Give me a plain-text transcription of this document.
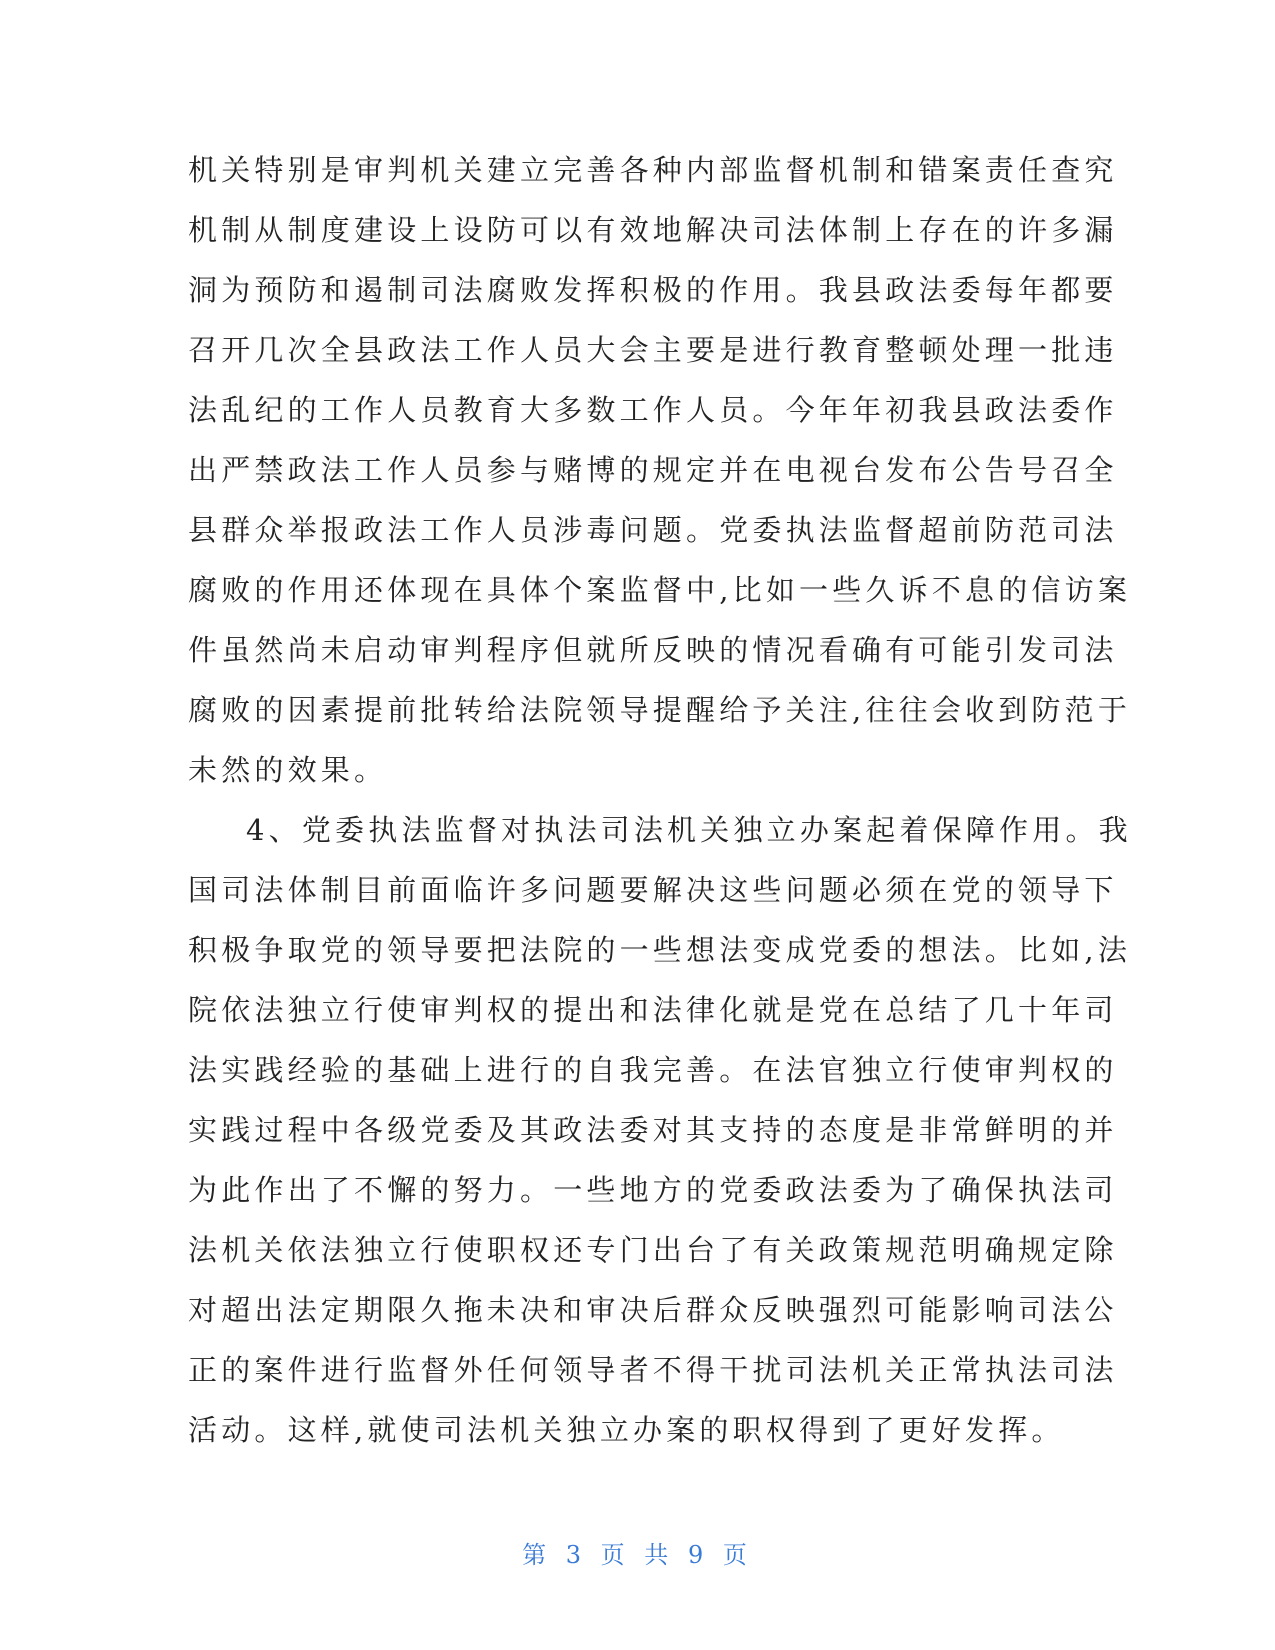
机关特别是审判机关建立完善各种内部监督机制和错案责任查究
机制从制度建设上设防可以有效地解决司法体制上存在的许多漏
洞为预防和遏制司法腐败发挥积极的作用。我县政法委每年都要
召开几次全县政法工作人员大会主要是进行教育整顿处理一批违
法乱纪的工作人员教育大多数工作人员。今年年初我县政法委作
出严禁政法工作人员参与赌博的规定并在电视台发布公告号召全
县群众举报政法工作人员涉毒问题。党委执法监督超前防范司法
腐败的作用还体现在具体个案监督中,比如一些久诉不息的信访案
件虽然尚未启动审判程序但就所反映的情况看确有可能引发司法
腐败的因素提前批转给法院领导提醒给予关注,往往会收到防范于
未然的效果。
4、党委执法监督对执法司法机关独立办案起着保障作用。我
国司法体制目前面临许多问题要解决这些问题必须在党的领导下
积极争取党的领导要把法院的一些想法变成党委的想法。比如,法
院依法独立行使审判权的提出和法律化就是党在总结了几十年司
法实践经验的基础上进行的自我完善。在法官独立行使审判权的
实践过程中各级党委及其政法委对其支持的态度是非常鲜明的并
为此作出了不懈的努力。一些地方的党委政法委为了确保执法司
法机关依法独立行使职权还专门出台了有关政策规范明确规定除
对超出法定期限久拖未决和审决后群众反映强烈可能影响司法公
正的案件进行监督外任何领导者不得干扰司法机关正常执法司法
活动。这样,就使司法机关独立办案的职权得到了更好发挥。
第 3 页 共 9 页
